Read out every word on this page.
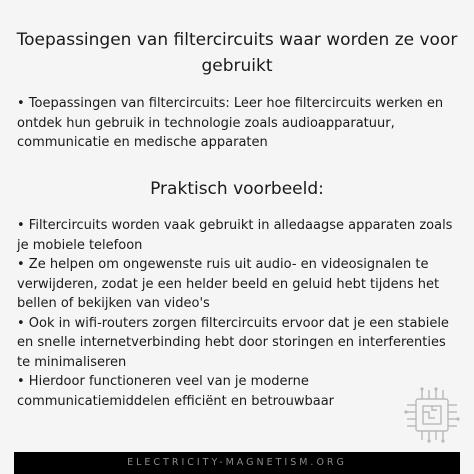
Toepassingen van filtercircuits waar worden ze voor gebruikt
• Toepassingen van filtercircuits: Leer hoe filtercircuits werken en ontdek hun gebruik in technologie zoals audioapparatuur, communicatie en medische apparaten
Praktisch voorbeeld:
• Filtercircuits worden vaak gebruikt in alledaagse apparaten zoals je mobiele telefoon
• Ze helpen om ongewenste ruis uit audio- en videosignalen te verwijderen, zodat je een helder beeld en geluid hebt tijdens het bellen of bekijken van video's
• Ook in wifi-routers zorgen filtercircuits ervoor dat je een stabiele en snelle internetverbinding hebt door storingen en interferenties te minimaliseren
• Hierdoor functioneren veel van je moderne communicatiemiddelen efficiënt en betrouwbaar
ELECTRICITY-MAGNETISM.ORG
